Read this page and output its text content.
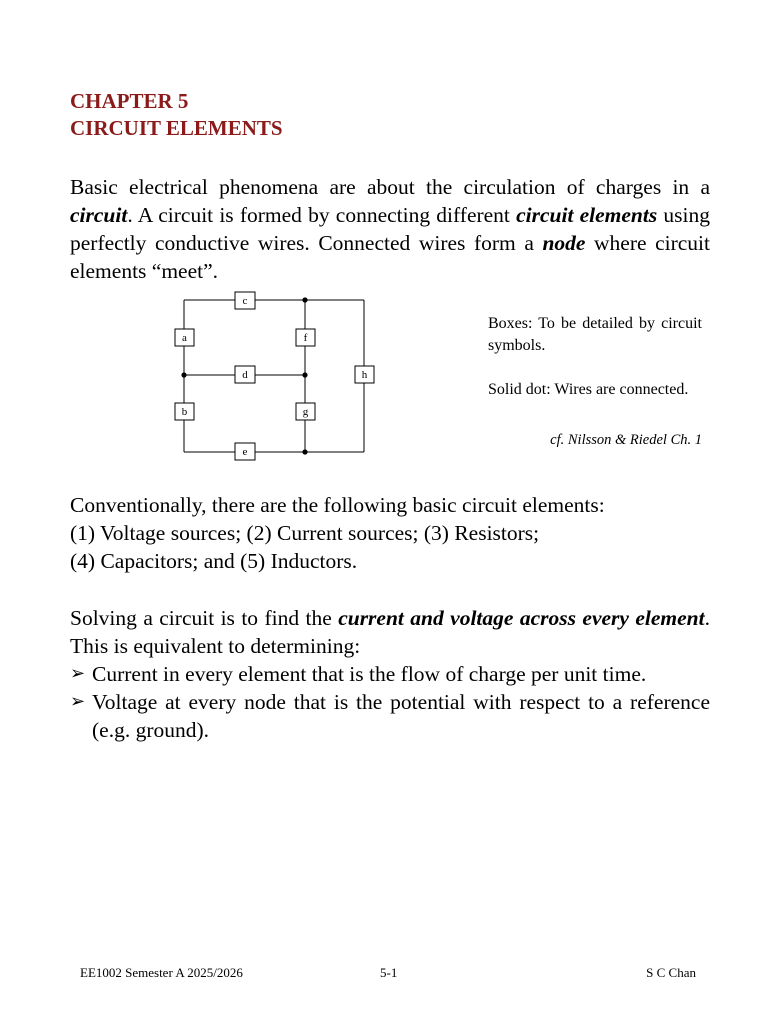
CHAPTER 5
CIRCUIT ELEMENTS
Basic electrical phenomena are about the circulation of charges in a circuit. A circuit is formed by connecting different circuit elements using perfectly conductive wires. Connected wires form a node where circuit elements “meet”.
c
a	f
d	h
b	g
e
Boxes: To be detailed by circuit symbols.
Solid dot: Wires are connected.
cf. Nilsson & Riedel Ch. 1
Conventionally, there are the following basic circuit elements:
(1) Voltage sources; (2) Current sources; (3) Resistors;
(4) Capacitors; and (5) Inductors.
Solving a circuit is to find the current and voltage across every element. This is equivalent to determining:
➢ Current in every element that is the flow of charge per unit time.
➢ Voltage at every node that is the potential with respect to a reference (e.g. ground).
EE1002 Semester A 2025/2026	5-1	S C Chan
